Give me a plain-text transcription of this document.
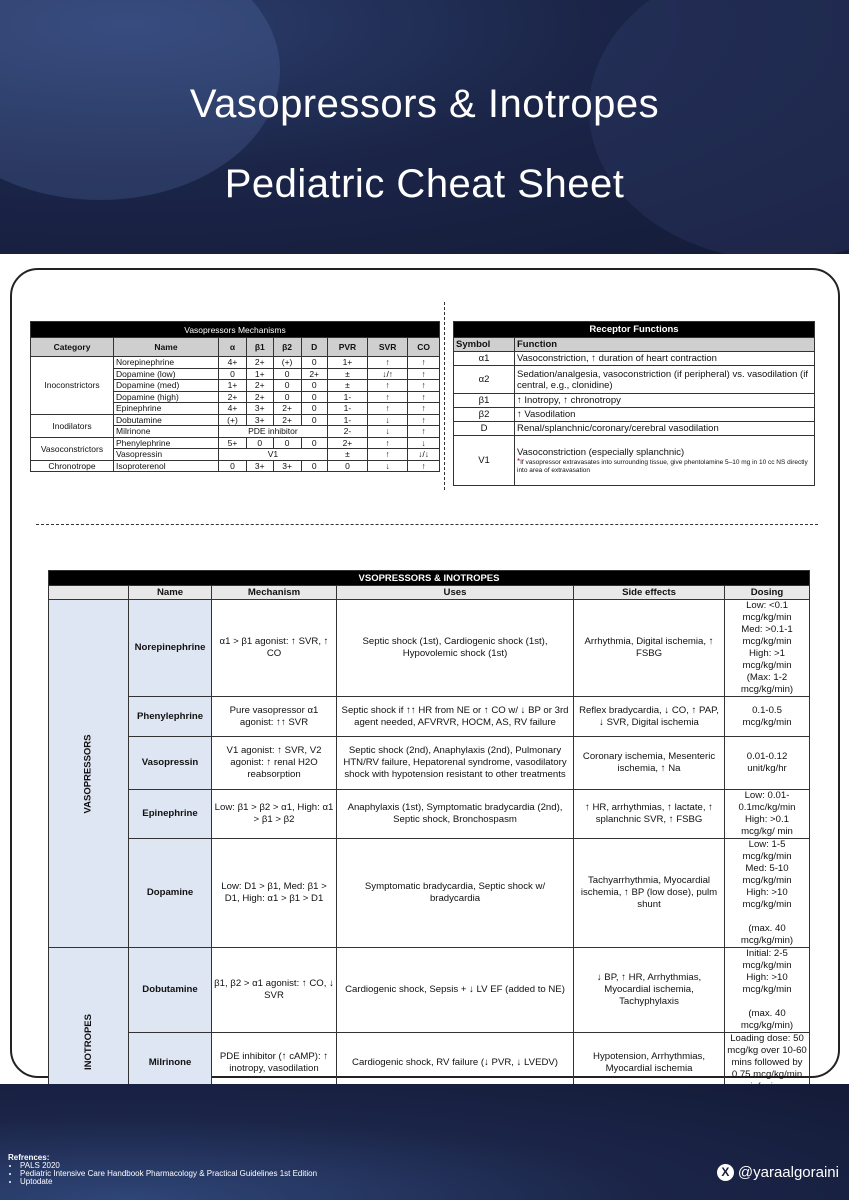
Vasopressors & Inotropes
Pediatric Cheat Sheet
Vasopressors Mechanisms								
Category	Name	α	β1	β2	D	PVR	SVR	CO
Inoconstrictors	Norepinephrine	4+	2+	(+)	0	1+	↑	↑
	Dopamine (low)	0	1+	0	2+	±	↓/↑	↑
	Dopamine (med)	1+	2+	0	0	±	↑	↑
	Dopamine (high)	2+	2+	0	0	1-	↑	↑
	Epinephrine	4+	3+	2+	0	1-	↑	↑
Inodilators	Dobutamine	(+)	3+	2+	0	1-	↓	↑
	Milrinone	PDE inhibitor				2-	↓	↑
Vasoconstrictors	Phenylephrine	5+	0	0	0	2+	↑	↓
	Vasopressin	V1				±	↑	↓/↓
Chronotrope	Isoproterenol	0	3+	3+	0	0	↓	↑
Receptor Functions	
Symbol	Function
α1	Vasoconstriction, ↑ duration of heart contraction
α2	Sedation/analgesia, vasoconstriction (if peripheral) vs. vasodilation (if central, e.g., clonidine)
β1	↑ Inotropy, ↑ chronotropy
β2	↑ Vasodilation
D	Renal/splanchnic/coronary/cerebral vasodilation
V1	Vasoconstriction (especially splanchnic)
*If vasopressor extravasates into surrounding tissue, give phentolamine 5–10 mg in 10 cc NS directly into area of extravasation
VSOPRESSORS & INOTROPES					
	Name	Mechanism	Uses	Side effects	Dosing
VASOPRESSORS	Norepinephrine	α1 > β1 agonist: ↑ SVR, ↑ CO	Septic shock (1st), Cardiogenic shock (1st), Hypovolemic shock (1st)	Arrhythmia, Digital ischemia, ↑ FSBG	Low: <0.1 mcg/kg/min
Med: >0.1-1 mcg/kg/min
High: >1 mcg/kg/min
(Max: 1-2 mcg/kg/min)

	Phenylephrine	Pure vasopressor α1 agonist: ↑↑ SVR	Septic shock if ↑↑ HR from NE or ↑ CO w/ ↓ BP or 3rd agent needed, AFVRVR, HOCM, AS, RV failure	Reflex bradycardia, ↓ CO, ↑ PAP, ↓ SVR, Digital ischemia	0.1-0.5 mcg/kg/min

	Vasopressin	V1 agonist: ↑ SVR, V2 agonist: ↑ renal H2O reabsorption	Septic shock (2nd), Anaphylaxis (2nd), Pulmonary HTN/RV failure, Hepatorenal syndrome, vasodilatory shock with hypotension resistant to other treatments	Coronary ischemia, Mesenteric ischemia, ↑ Na	0.01-0.12 unit/kg/hr

	Epinephrine	Low: β1 > β2 > α1, High: α1 > β1 > β2	Anaphylaxis (1st), Symptomatic bradycardia (2nd), Septic shock, Bronchospasm	↑ HR, arrhythmias, ↑ lactate, ↑ splanchnic SVR, ↑ FSBG	Low: 0.01-0.1mc/kg/min
High: >0.1 mcg/kg/ min

	Dopamine	Low: D1 > β1, Med: β1 > D1, High: α1 > β1 > D1	Symptomatic bradycardia, Septic shock w/ bradycardia	Tachyarrhythmia, Myocardial ischemia, ↑ BP (low dose), pulm shunt	Low: 1-5 mcg/kg/min
Med: 5-10 mcg/kg/min
High: >10 mcg/kg/min
(max. 40 mcg/kg/min)

INOTROPES	Dobutamine	β1, β2 > α1 agonist: ↑ CO, ↓ SVR	Cardiogenic shock, Sepsis + ↓ LV EF (added to NE)	↓ BP, ↑ HR, Arrhythmias, Myocardial ischemia, Tachyphylaxis	Initial: 2-5 mcg/kg/min
High: >10 mcg/kg/min
(max. 40 mcg/kg/min)

	Milrinone	PDE inhibitor (↑ cAMP): ↑ inotropy, vasodilation	Cardiogenic shock, RV failure (↓ PVR, ↓ LVEDV)	Hypotension, Arrhythmias, Myocardial ischemia	Loading dose: 50 mcg/kg over 10-60 mins followed by 0.75 mcg/kg/min

Refrences:
• PALS 2020
• Pediatric Intensive Care Handbook Pharmacology & Practical Guidelines 1st Edition
• Uptodate
X @yaraalgoraini
